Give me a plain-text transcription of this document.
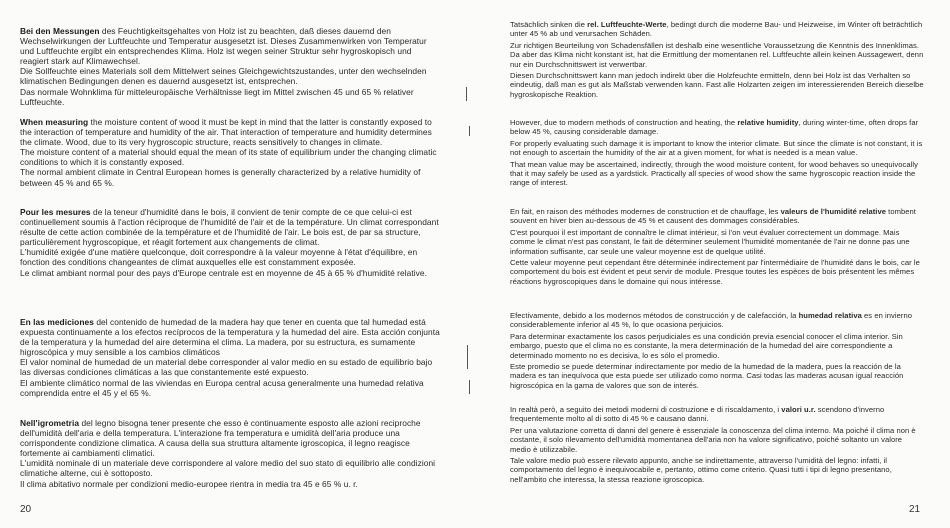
Bei den Messungen des Feuchtigkeitsgehaltes von Holz ist zu beachten, daß dieses dauernd den Wechselwirkungen der Luftfeuchte und Temperatur ausgesetzt ist. Dieses Zusammenwirken von Temperatur und Luftfeuchte ergibt ein entsprechendes Klima. Holz ist wegen seiner Struktur sehr hygroskopisch und reagiert stark auf Klimawechsel.

Die Sollfeuchte eines Materials soll dem Mittelwert seines Gleichgewichtszustandes, unter den wechselnden klimatischen Bedingungen denen es dauernd ausgesetzt ist, entsprechen.

Das normale Wohnklima für mitteleuropäische Verhältnisse liegt im Mittel zwischen 45 und 65 % relativer Luftfeuchte.

When measuring the moisture content of wood it must be kept in mind that the latter is constantly exposed to the interaction of temperature and humidity of the air. That interaction of temperature and humidity determines the climate. Wood, due to its very hygroscopic structure, reacts sensitively to changes in climate.

The moisture content of a material should equal the mean of its state of equilibrium under the changing climatic conditions to which it is constantly exposed.

The normal ambient climate in Central European homes is generally characterized by a relative humidity of between 45 % and 65 %.

Pour les mesures de la teneur d'humidité dans le bois, il convient de tenir compte de ce que celui-ci est continuellement soumis à l'action réciproque de l'humidité de l'air et de la température. Un climat correspondant résulte de cette action combinée de la température et de l'humidité de l'air. Le bois est, de par sa structure, particulièrement hygroscopique, et réagit fortement aux changements de climat.

L'humidité exigée d'une matière quelconque, doit correspondre à la valeur moyenne à l'état d'équilibre, en fonction des conditions changeantes de climat auxquelles elle est constamment exposée.

Le climat ambiant normal pour des pays d'Europe centrale est en moyenne de 45 à 65 % d'humidité relative.

En las mediciones del contenido de humedad de la madera hay que tener en cuenta que tal humedad está expuesta continuamente a los efectos recíprocos de la temperatura y la humedad del aire. Esta acción conjunta de la temperatura y la humedad del aire determina el clima. La madera, por su estructura, es sumamente higroscópica y muy sensible a los cambios climáticos

El valor nominal de humedad de un material debe corresponder al valor medio en su estado de equilibrio bajo las diversas condiciones climáticas a las que constantemente esté expuesto.

El ambiente climático normal de las viviendas en Europa central acusa generalmente una humedad relativa comprendida entre el 45 y el 65 %.

Nell'igrometria del legno bisogna tener presente che esso è continuamente esposto alle azioni reciproche dell'umidità dell'aria e della temperatura. L'interazione fra temperatura e umidità dell'aria produce una corrispondente condizione climatica. A causa della sua struttura altamente igroscopica, il legno reagisce fortemente ai cambiamenti climatici.

L'umidità nominale di un materiale deve corrispondere al valore medio del suo stato di equilibrio alle condizioni climatiche alterne, cui è sottoposto.

Il clima abitativo normale per condizioni medio-europee rientra in media tra 45 e 65 % u. r.

20

Tatsächlich sinken die rel. Luftfeuchte-Werte, bedingt durch die moderne Bau- und Heizweise, im Winter oft beträchtlich unter 45 % ab und verursachen Schäden.

Zur richtigen Beurteilung von Schadensfällen ist deshalb eine wesentliche Voraussetzung die Kenntnis des Innenklimas. Da aber das Klima nicht konstant ist, hat die Ermittlung der momentanen rel. Luftfeuchte allein keinen Aussagewert, denn nur ein Durchschnittswert ist verwertbar.

Diesen Durchschnittswert kann man jedoch indirekt über die Holzfeuchte ermitteln, denn bei Holz ist das Verhalten so eindeutig, daß man es gut als Maßstab verwenden kann. Fast alle Holzarten zeigen im interessierenden Bereich dieselbe hygroskopische Reaktion.

However, due to modern methods of construction and heating, the relative humidity, during winter-time, often drops far below 45 %, causing considerable damage.

For properly evaluating such damage it is important to know the interior climate. But since the climate is not constant, it is not enough to ascertain the humidity of the air at a given moment, for what is needed is a mean value.

That mean value may be ascertained, indirectly, through the wood moisture content, for wood behaves so unequivocally that it may safely be used as a yardstick. Practically all species of wood show the same hygroscopic reaction inside the range of interest.

En fait, en raison des méthodes modernes de construction et de chauffage, les valeurs de l'humidité relative tombent souvent en hiver bien au-dessous de 45 % et causent des dommages considérables.

C'est pourquoi il est important de connaître le climat intérieur, si l'on veut évaluer correctement un dommage. Mais comme le climat n'est pas constant, le fait de déterminer seulement l'humidité momentanée de l'air ne donne pas une information suffisante, car seule une valeur moyenne est de quelque utilité.

Cette valeur moyenne peut cependant être déterminée indirectement par l'intermédiaire de l'humidité dans le bois, car le comportement du bois est évident et peut servir de module. Presque toutes les espèces de bois présentent les mêmes réactions hygroscopiques dans le domaine qui nous intéresse.

Efectivamente, debido a los modernos métodos de construcción y de calefacción, la humedad relativa es en invierno considerablemente inferior al 45 %, lo que ocasiona perjuicios.

Para determinar exactamente los casos perjudiciales es una condición previa esencial conocer el clima interior. Sin embargo, puesto que el clima no es constante, la mera determinación de la humedad del aire correspondiente a determinado momento no es decisiva, lo es sólo el promedio.

Este promedio se puede determinar indirectamente por medio de la humedad de la madera, pues la reacción de la madera es tan inequívoca que esta puede ser utilizado como norma. Casi todas las maderas acusan igual reacción higroscópica en la gama de valores que son de interés.

In realtà però, a seguito dei metodi moderni di costruzione e di riscaldamento, i valori u.r. scendono d'inverno frequentemente molto al di sotto di 45 % e causano danni.

Per una valutazione corretta di danni del genere è essenziale la conoscenza del clima interno. Ma poiché il clima non è costante, il solo rilevamento dell'umidità momentanea dell'aria non ha valore significativo, poiché soltanto un valore medio è utilizzabile.

Tale valore medio può essere rilevato appunto, anche se indirettamente, attraverso l'umidità del legno: infatti, il comportamento del legno è inequivocabile e, pertanto, ottimo come criterio. Quasi tutti i tipi di legno presentano, nell'ambito che interessa, la stessa reazione igroscopica.

21
